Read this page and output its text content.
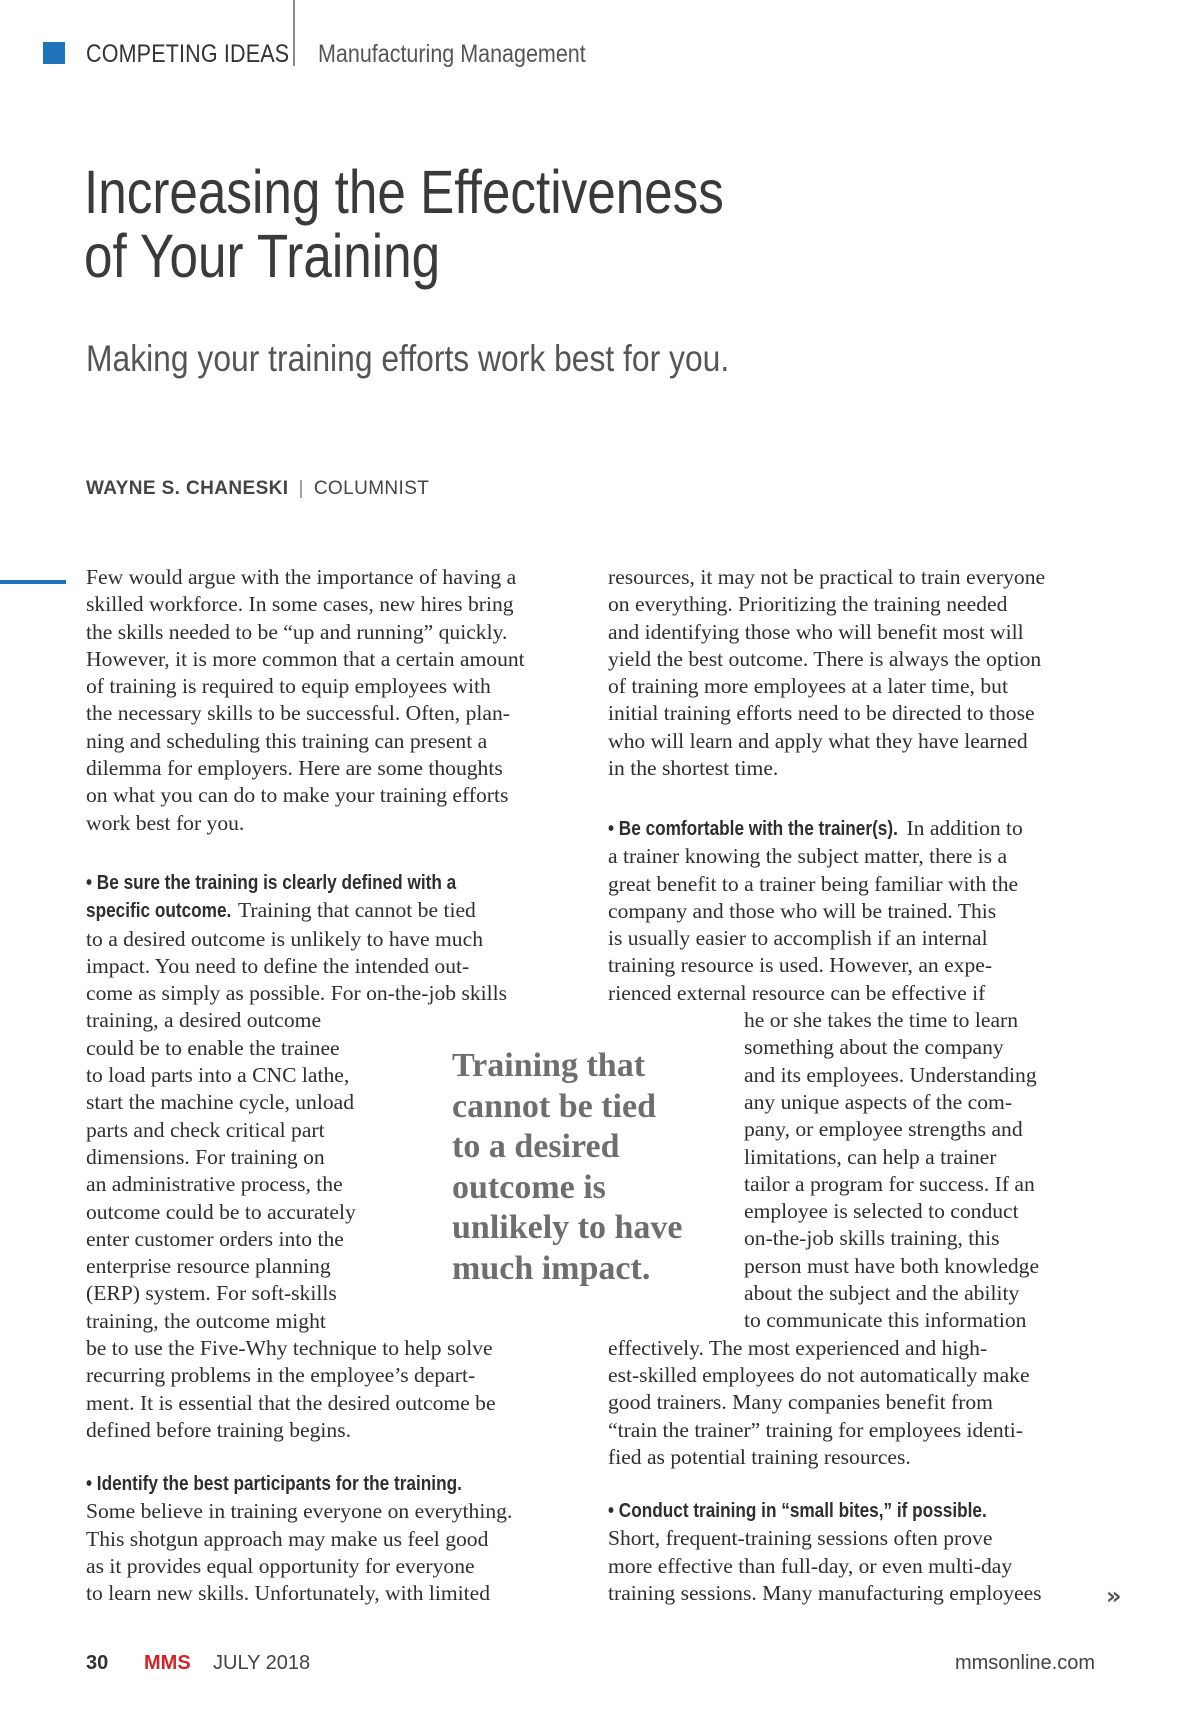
COMPETING IDEAS Manufacturing Management
Increasing the Effectiveness
of Your Training
Making your training efforts work best for you.
WAYNE S. CHANESKI | COLUMNIST
Few would argue with the importance of having a
skilled workforce. In some cases, new hires bring
the skills needed to be “up and running” quickly.
However, it is more common that a certain amount
of training is required to equip employees with
the necessary skills to be successful. Often, plan-
ning and scheduling this training can present a
dilemma for employers. Here are some thoughts
on what you can do to make your training efforts
work best for you.
• Be sure the training is clearly defined with a
specific outcome. Training that cannot be tied
to a desired outcome is unlikely to have much
impact. You need to define the intended out-
come as simply as possible. For on-the-job skills
training, a desired outcome
could be to enable the trainee
to load parts into a CNC lathe,
start the machine cycle, unload
parts and check critical part
dimensions. For training on
an administrative process, the
outcome could be to accurately
enter customer orders into the
enterprise resource planning
(ERP) system. For soft-skills
training, the outcome might
be to use the Five-Why technique to help solve
recurring problems in the employee’s depart-
ment. It is essential that the desired outcome be
defined before training begins.
• Identify the best participants for the training.
Some believe in training everyone on everything.
This shotgun approach may make us feel good
as it provides equal opportunity for everyone
to learn new skills. Unfortunately, with limited
Training that
cannot be tied
to a desired
outcome is
unlikely to have
much impact.
resources, it may not be practical to train everyone
on everything. Prioritizing the training needed
and identifying those who will benefit most will
yield the best outcome. There is always the option
of training more employees at a later time, but
initial training efforts need to be directed to those
who will learn and apply what they have learned
in the shortest time.
• Be comfortable with the trainer(s). In addition to
a trainer knowing the subject matter, there is a
great benefit to a trainer being familiar with the
company and those who will be trained. This
is usually easier to accomplish if an internal
training resource is used. However, an expe-
rienced external resource can be effective if
he or she takes the time to learn
something about the company
and its employees. Understanding
any unique aspects of the com-
pany, or employee strengths and
limitations, can help a trainer
tailor a program for success. If an
employee is selected to conduct
on-the-job skills training, this
person must have both knowledge
about the subject and the ability
to communicate this information
effectively. The most experienced and high-
est-skilled employees do not automatically make
good trainers. Many companies benefit from
“train the trainer” training for employees identi-
fied as potential training resources.
• Conduct training in “small bites,” if possible.
Short, frequent-training sessions often prove
more effective than full-day, or even multi-day
training sessions. Many manufacturing employees	»
30 MMS JULY 2018	mmsonline.com
